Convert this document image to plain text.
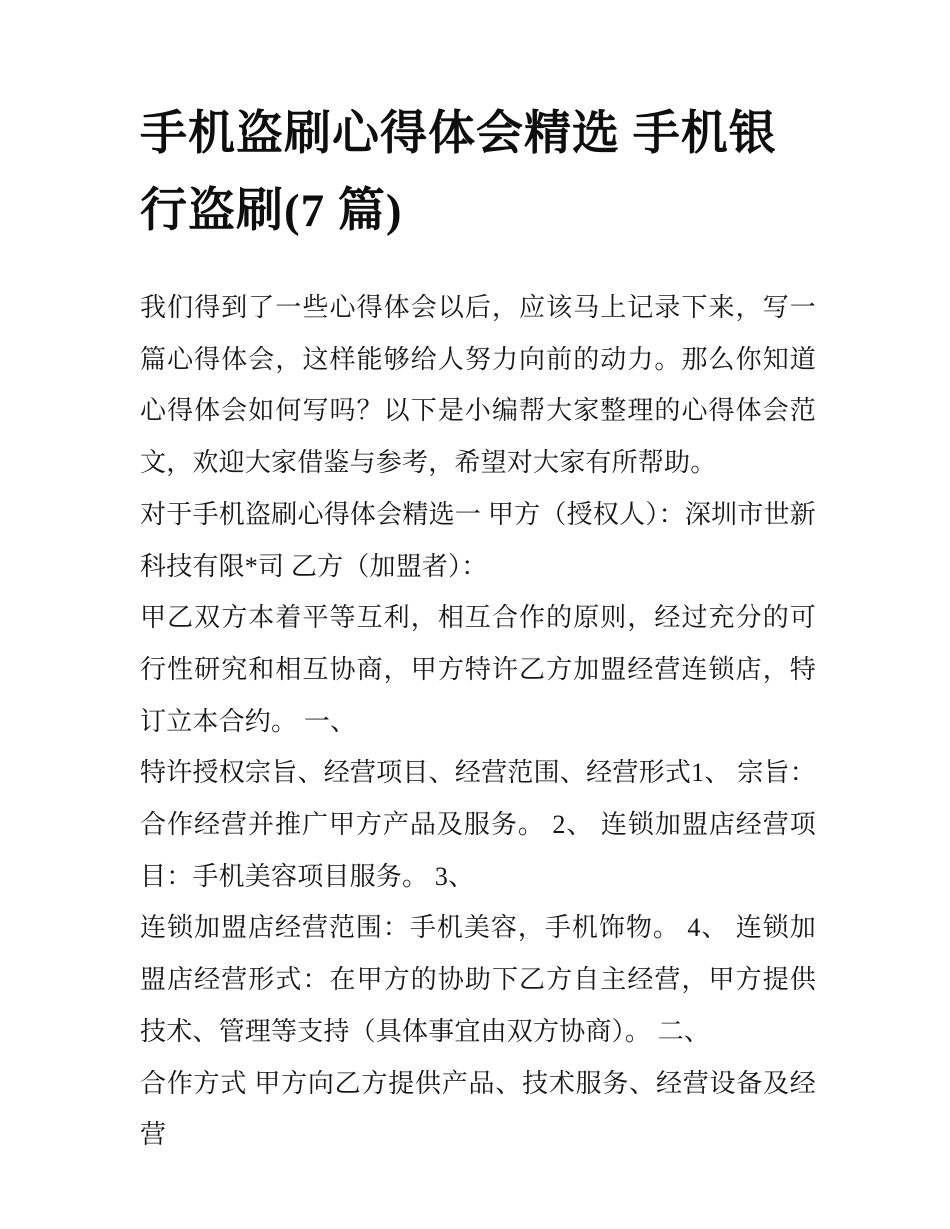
手机盗刷心得体会精选 手机银行盗刷(7 篇)

我们得到了一些心得体会以后，应该马上记录下来，写一篇心得体会，这样能够给人努力向前的动力。那么你知道心得体会如何写吗？以下是小编帮大家整理的心得体会范文，欢迎大家借鉴与参考，希望对大家有所帮助。

对于手机盗刷心得体会精选一 甲方（授权人）：深圳市世新科技有限*司 乙方（加盟者）：

甲乙双方本着平等互利，相互合作的原则，经过充分的可行性研究和相互协商，甲方特许乙方加盟经营连锁店，特订立本合约。 一、

特许授权宗旨、经营项目、经营范围、经营形式1、 宗旨：合作经营并推广甲方产品及服务。 2、 连锁加盟店经营项目：手机美容项目服务。 3、

连锁加盟店经营范围：手机美容，手机饰物。 4、 连锁加盟店经营形式：在甲方的协助下乙方自主经营，甲方提供技术、管理等支持（具体事宜由双方协商）。 二、

合作方式 甲方向乙方提供产品、技术服务、经营设备及经营
